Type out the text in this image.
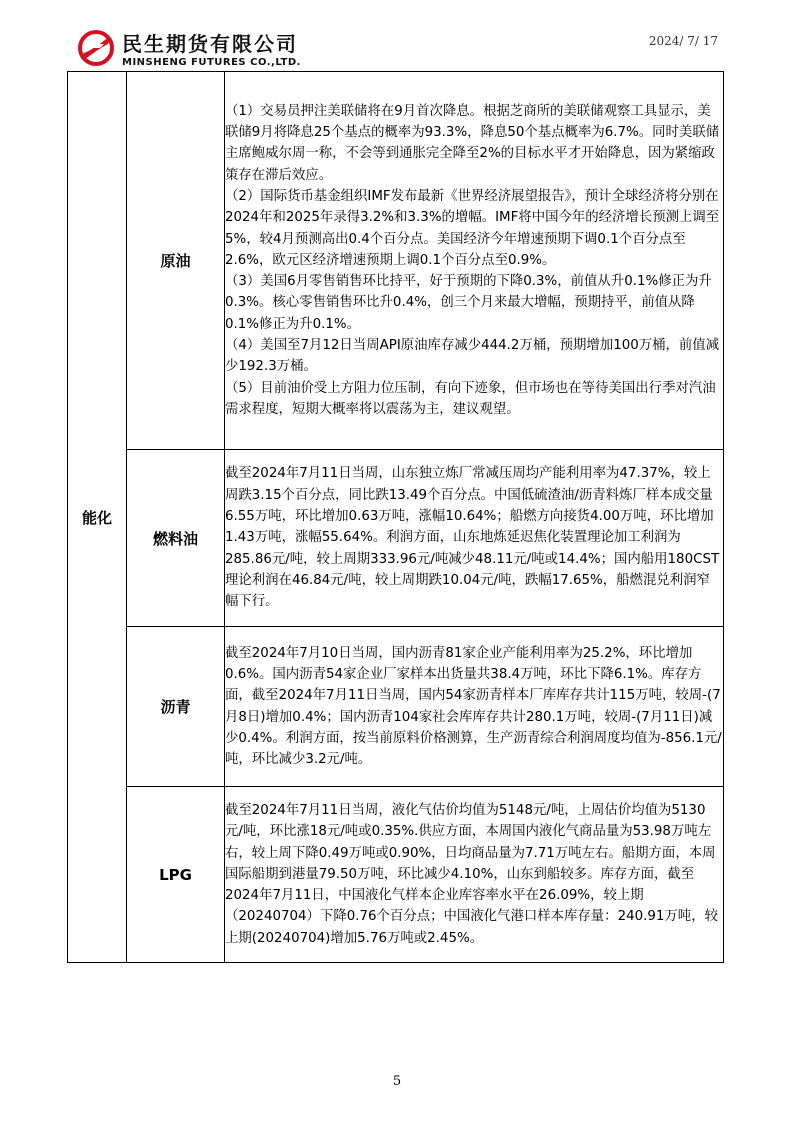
民生期货有限公司
MINSHENG FUTURES CO.,LTD.
2024/ 7/ 17
能化	原油	（1）交易员押注美联储将在9月首次降息。根据芝商所的美联储观察工具显示，美联储9月将降息25个基点的概率为93.3%，降息50个基点概率为6.7%。同时美联储主席鲍威尔周一称，不会等到通胀完全降至2%的目标水平才开始降息，因为紧缩政策存在滞后效应。

（2）国际货币基金组织IMF发布最新《世界经济展望报告》，预计全球经济将分别在2024年和2025年录得3.2%和3.3%的增幅。IMF将中国今年的经济增长预测上调至5%，较4月预测高出0.4个百分点。美国经济今年增速预期下调0.1个百分点至2.6%，欧元区经济增速预期上调0.1个百分点至0.9%。

（3）美国6月零售销售环比持平，好于预期的下降0.3%，前值从升0.1%修正为升0.3%。核心零售销售环比升0.4%，创三个月来最大增幅，预期持平，前值从降0.1%修正为升0.1%。

（4）美国至7月12日当周API原油库存减少444.2万桶，预期增加100万桶，前值减少192.3万桶。

（5）目前油价受上方阻力位压制，有向下迹象，但市场也在等待美国出行季对汽油需求程度，短期大概率将以震荡为主，建议观望。

	燃料油	截至2024年7月11日当周，山东独立炼厂常减压周均产能利用率为47.37%，较上周跌3.15个百分点，同比跌13.49个百分点。中国低硫渣油/沥青料炼厂样本成交量6.55万吨，环比增加0.63万吨，涨幅10.64%；船燃方向接货4.00万吨，环比增加1.43万吨，涨幅55.64%。利润方面，山东地炼延迟焦化装置理论加工利润为285.86元/吨，较上周期333.96元/吨减少48.11元/吨或14.4%；国内船用180CST理论利润在46.84元/吨，较上周期跌10.04元/吨，跌幅17.65%，船燃混兑利润窄幅下行。

	沥青	截至2024年7月10日当周，国内沥青81家企业产能利用率为25.2%，环比增加0.6%。国内沥青54家企业厂家样本出货量共38.4万吨，环比下降6.1%。库存方面，截至2024年7月11日当周，国内54家沥青样本厂库库存共计115万吨，较周-(7月8日)增加0.4%；国内沥青104家社会库库存共计280.1万吨，较周-(7月11日)减少0.4%。利润方面，按当前原料价格测算，生产沥青综合利润周度均值为-856.1元/吨，环比减少3.2元/吨。

	LPG	截至2024年7月11日当周，液化气估价均值为5148元/吨，上周估价均值为5130元/吨，环比涨18元/吨或0.35%.供应方面，本周国内液化气商品量为53.98万吨左右，较上周下降0.49万吨或0.90%，日均商品量为7.71万吨左右。船期方面，本周国际船期到港量79.50万吨，环比减少4.10%，山东到船较多。库存方面，截至2024年7月11日，中国液化气样本企业库容率水平在26.09%，较上期（20240704）下降0.76个百分点；中国液化气港口样本库存量：240.91万吨，较上期(20240704)增加5.76万吨或2.45%。

5
